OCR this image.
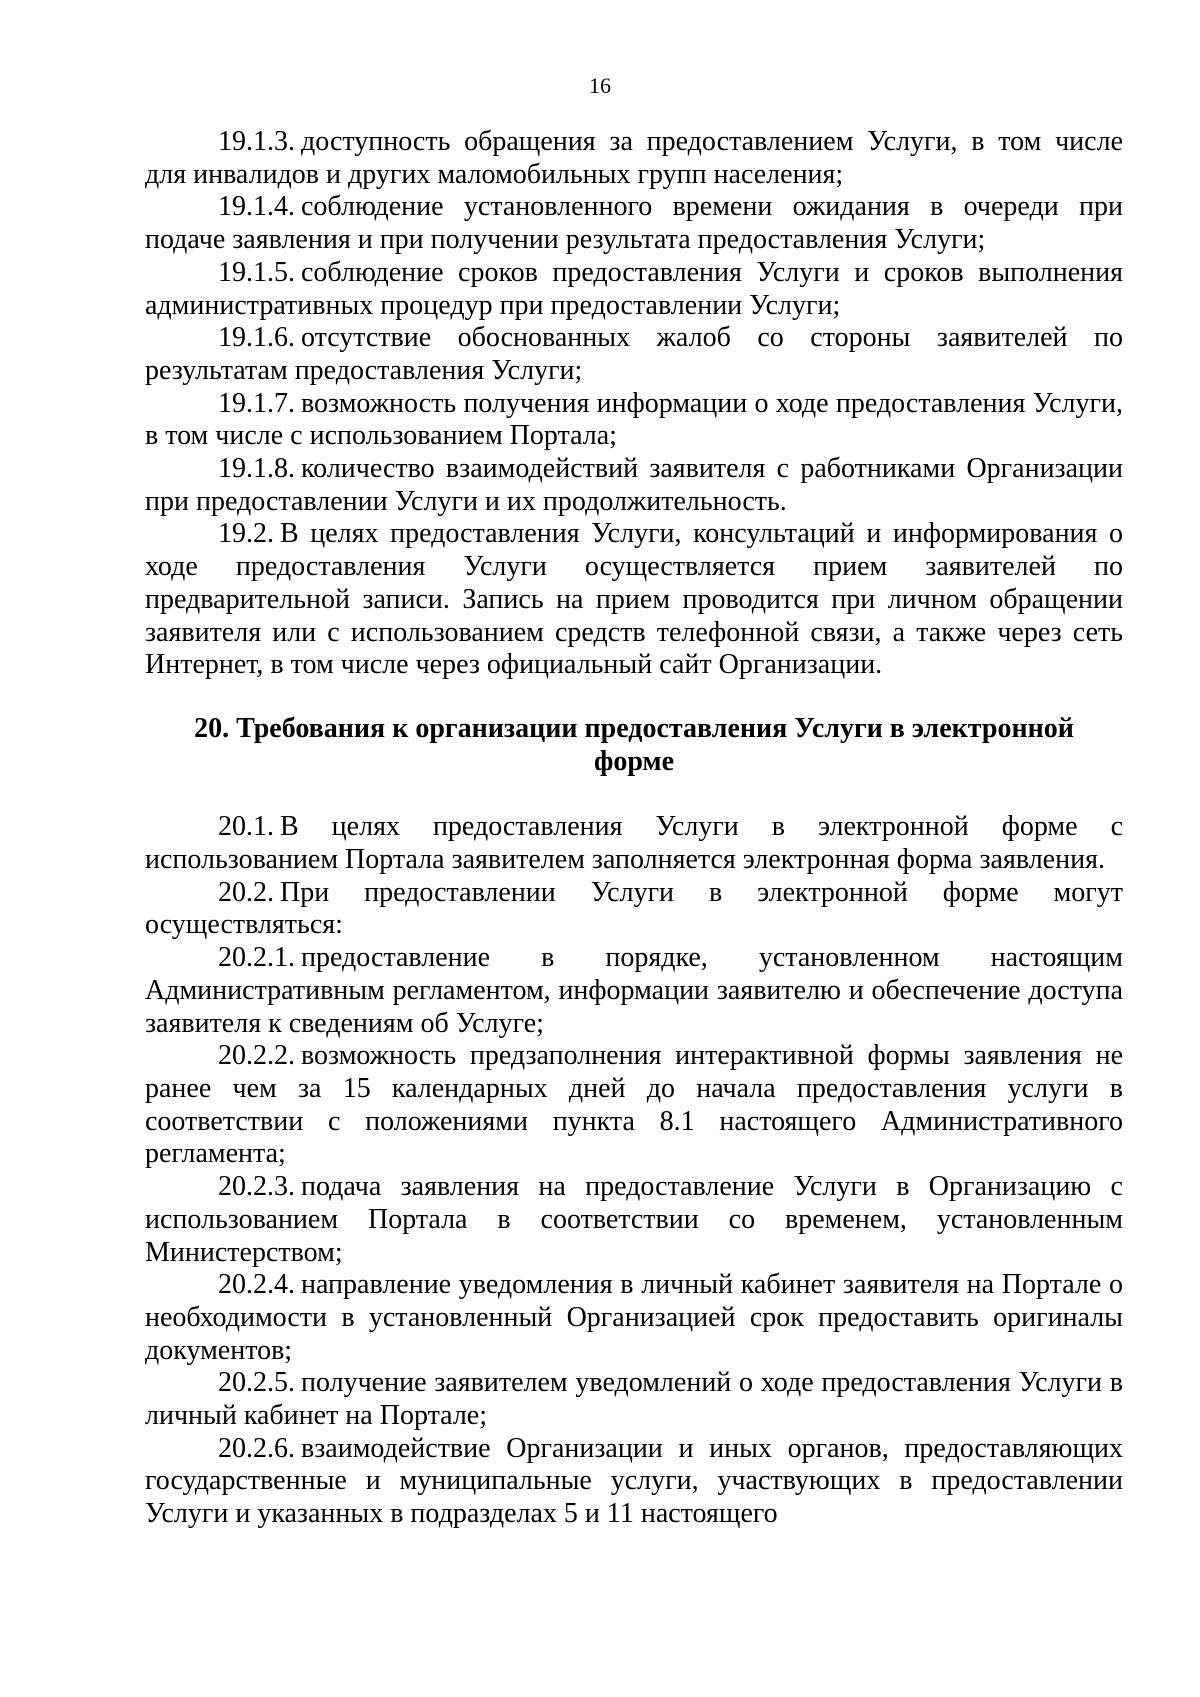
16

19.1.3. доступность обращения за предоставлением Услуги, в том числе для инвалидов и других маломобильных групп населения;

19.1.4. соблюдение установленного времени ожидания в очереди при подаче заявления и при получении результата предоставления Услуги;

19.1.5. соблюдение сроков предоставления Услуги и сроков выполнения административных процедур при предоставлении Услуги;

19.1.6. отсутствие обоснованных жалоб со стороны заявителей по результатам предоставления Услуги;

19.1.7. возможность получения информации о ходе предоставления Услуги, в том числе с использованием Портала;

19.1.8. количество взаимодействий заявителя с работниками Организации при предоставлении Услуги и их продолжительность.

19.2. В целях предоставления Услуги, консультаций и информирования о ходе предоставления Услуги осуществляется прием заявителей по предварительной записи. Запись на прием проводится при личном обращении заявителя или с использованием средств телефонной связи, а также через сеть Интернет, в том числе через официальный сайт Организации.

20. Требования к организации предоставления Услуги в электронной
форме

20.1. В целях предоставления Услуги в электронной форме с использованием Портала заявителем заполняется электронная форма заявления.

20.2. При предоставлении Услуги в электронной форме могут осуществляться:

20.2.1. предоставление в порядке, установленном настоящим Административным регламентом, информации заявителю и обеспечение доступа заявителя к сведениям об Услуге;

20.2.2. возможность предзаполнения интерактивной формы заявления не ранее чем за 15 календарных дней до начала предоставления услуги в соответствии с положениями пункта 8.1 настоящего Административного регламента;

20.2.3. подача заявления на предоставление Услуги в Организацию с использованием Портала в соответствии со временем, установленным Министерством;

20.2.4. направление уведомления в личный кабинет заявителя на Портале о необходимости в установленный Организацией срок предоставить оригиналы документов;

20.2.5. получение заявителем уведомлений о ходе предоставления Услуги в личный кабинет на Портале;

20.2.6. взаимодействие Организации и иных органов, предоставляющих государственные и муниципальные услуги, участвующих в предоставлении Услуги и указанных в подразделах 5 и 11 настоящего
